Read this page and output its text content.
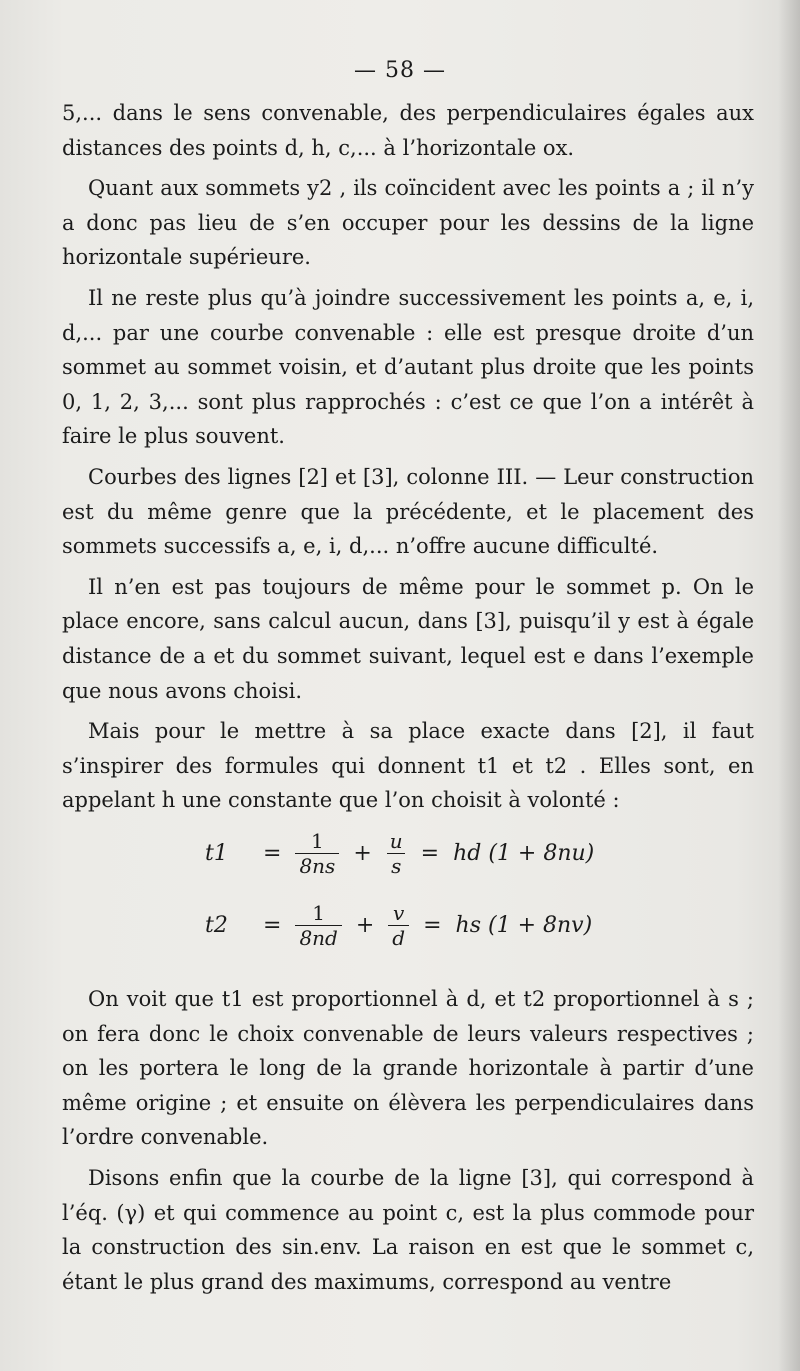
— 58 —

5,... dans le sens convenable, des perpendiculaires égales aux distances des points d, h, c,... à l’horizontale ox.

Quant aux sommets y2 , ils coïncident avec les points a ; il n’y a donc pas lieu de s’en occuper pour les dessins de la ligne horizontale supérieure.

Il ne reste plus qu’à joindre successivement les points a, e, i, d,... par une courbe convenable : elle est presque droite d’un sommet au sommet voisin, et d’autant plus droite que les points 0, 1, 2, 3,... sont plus rapprochés : c’est ce que l’on a intérêt à faire le plus souvent.

Courbes des lignes [2] et [3], colonne III. — Leur construction est du même genre que la précédente, et le placement des sommets successifs a, e, i, d,... n’offre aucune difficulté.

Il n’en est pas toujours de même pour le sommet p. On le place encore, sans calcul aucun, dans [3], puisqu’il y est à égale distance de a et du sommet suivant, lequel est e dans l’exemple que nous avons choisi.

Mais pour le mettre à sa place exacte dans [2], il faut s’inspirer des formules qui donnent t1 et t2 . Elles sont, en appelant h une constante que l’on choisit à volonté :

t1	= $\frac{1}{8ns} + \frac{u}{s}$ = hd (1 + 8nu)
t2	= $\frac{1}{8nd} + \frac{v}{d}$ = hs (1 + 8nv)

On voit que t1 est proportionnel à d, et t2 proportionnel à s ; on fera donc le choix convenable de leurs valeurs respectives ; on les portera le long de la grande horizontale à partir d’une même origine ; et ensuite on élèvera les perpendiculaires dans l’ordre convenable.

Disons enfin que la courbe de la ligne [3], qui correspond à l’éq. (γ) et qui commence au point c, est la plus commode pour la construction des sin.env. La raison en est que le sommet c, étant le plus grand des maximums, correspond au ventre
